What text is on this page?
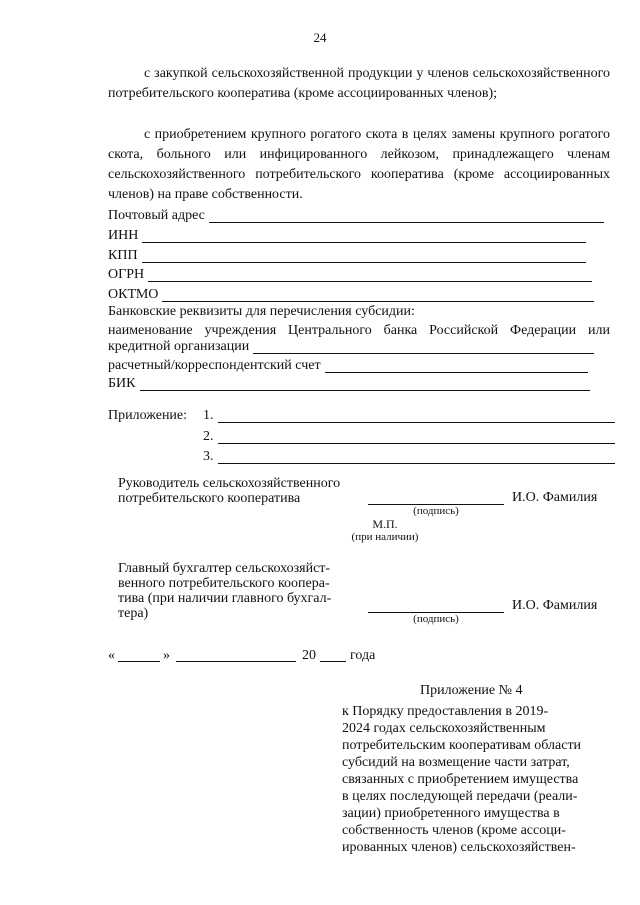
24
с закупкой сельскохозяйственной продукции у членов сельскохозяйственного потребительского кооператива (кроме ассоциированных членов);
с приобретением крупного рогатого скота в целях замены крупного рогатого скота, больного или инфицированного лейкозом, принадлежащего членам сельскохозяйственного потребительского кооператива (кроме ассоциированных членов) на праве собственности.
Почтовый адрес
ИНН
КПП
ОГРН
ОКТМО
Банковские реквизиты для перечисления субсидии:
наименование учреждения Центрального банка Российской Федерации или
кредитной организации
расчетный/корреспондентский счет
БИК
Приложение: 1.
2.
3.
Руководитель сельскохозяйственного
потребительского кооператива	И.О. Фамилия
(подпись)
М.П.
(при наличии)
Главный бухгалтер сельскохозяйст-
венного потребительского коопера-
тива (при наличии главного бухгал-
тера)
И.О. Фамилия
(подпись)
«	»	20 года
Приложение № 4
к Порядку предоставления в 2019-
2024 годах сельскохозяйственным
потребительским кооперативам области
субсидий на возмещение части затрат,
связанных с приобретением имущества
в целях последующей передачи (реали-
зации) приобретенного имущества в
собственность членов (кроме ассоци-
ированных членов) сельскохозяйствен-
